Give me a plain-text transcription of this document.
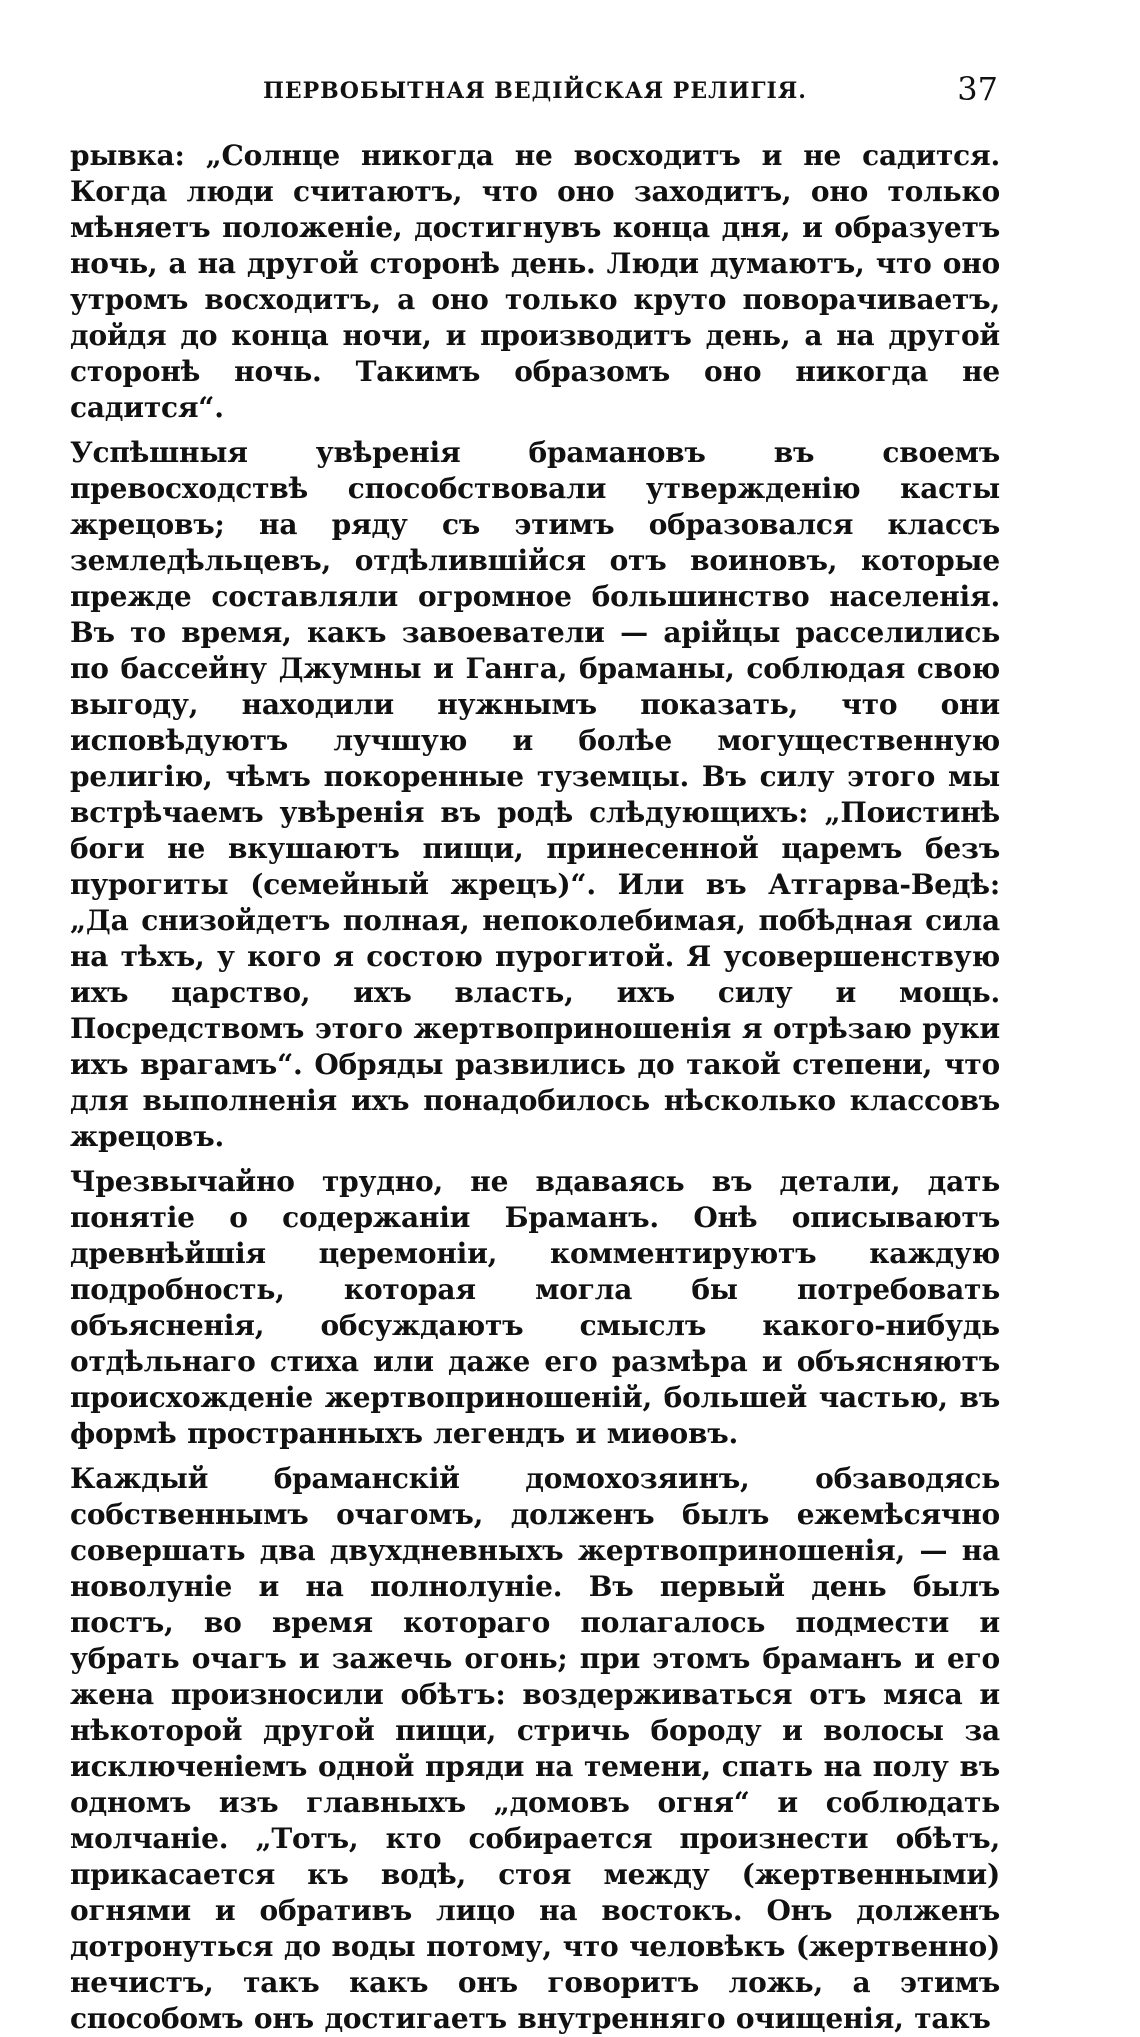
ПЕРВОБЫТНАЯ ВЕДІЙСКАЯ РЕЛИГІЯ.	37

рывка: „Солнце никогда не восходитъ и не садится. Когда люди считаютъ, что оно заходитъ, оно только мѣняетъ положеніе, достигнувъ конца дня, и образуетъ ночь, а на другой сторонѣ день. Люди думаютъ, что оно утромъ восходитъ, а оно только круто поворачиваетъ, дойдя до конца ночи, и производитъ день, а на другой сторонѣ ночь. Такимъ образомъ оно никогда не садится“.

Успѣшныя увѣренія брамановъ въ своемъ превосходствѣ способствовали утвержденію касты жрецовъ; на ряду съ этимъ образовался классъ земледѣльцевъ, отдѣлившійся отъ воиновъ, которые прежде составляли огромное большинство населенія. Въ то время, какъ завоеватели — арійцы расселились по бассейну Джумны и Ганга, браманы, соблюдая свою выгоду, находили нужнымъ показать, что они исповѣдуютъ лучшую и болѣе могущественную религію, чѣмъ покоренные туземцы. Въ силу этого мы встрѣчаемъ увѣренія въ родѣ слѣдующихъ: „Поистинѣ боги не вкушаютъ пищи, принесенной царемъ безъ пурогиты (семейный жрецъ)“. Или въ Атгарва-Ведѣ: „Да снизойдетъ полная, непоколебимая, побѣдная сила на тѣхъ, у кого я состою пурогитой. Я усовершенствую ихъ царство, ихъ власть, ихъ силу и мощь. Посредствомъ этого жертвоприношенія я отрѣзаю руки ихъ врагамъ“. Обряды развились до такой степени, что для выполненія ихъ понадобилось нѣсколько классовъ жрецовъ.

Чрезвычайно трудно, не вдаваясь въ детали, дать понятіе о содержаніи Браманъ. Онѣ описываютъ древнѣйшія церемоніи, комментируютъ каждую подробность, которая могла бы потребовать объясненія, обсуждаютъ смыслъ какого-нибудь отдѣльнаго стиха или даже его размѣра и объясняютъ происхожденіе жертвоприношеній, большей частью, въ формѣ пространныхъ легендъ и миѳовъ.

Каждый браманскій домохозяинъ, обзаводясь собственнымъ очагомъ, долженъ былъ ежемѣсячно совершать два двухдневныхъ жертвоприношенія, — на новолуніе и на полнолуніе. Въ первый день былъ постъ, во время котораго полагалось подмести и убрать очагъ и зажечь огонь; при этомъ браманъ и его жена произносили обѣтъ: воздерживаться отъ мяса и нѣкоторой другой пищи, стричь бороду и волосы за исключеніемъ одной пряди на темени, спать на полу въ одномъ изъ главныхъ „домовъ огня“ и соблюдать молчаніе. „Тотъ, кто собирается произнести обѣтъ, прикасается къ водѣ, стоя между (жертвенными) огнями и обративъ лицо на востокъ. Онъ долженъ дотронуться до воды потому, что человѣкъ (жертвенно) нечистъ, такъ какъ онъ говоритъ ложь, а этимъ способомъ онъ достигаетъ внутренняго очищенія, такъ
